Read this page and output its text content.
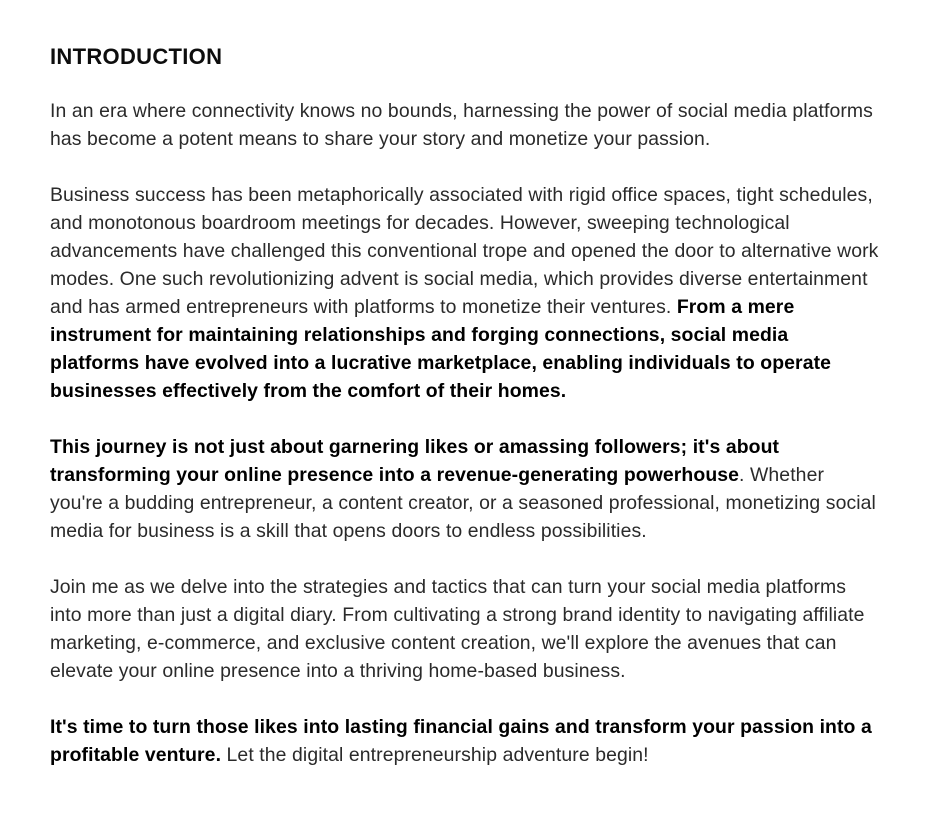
INTRODUCTION

In an era where connectivity knows no bounds, harnessing the power of social media platforms has become a potent means to share your story and monetize your passion.

Business success has been metaphorically associated with rigid office spaces, tight schedules, and monotonous boardroom meetings for decades. However, sweeping technological advancements have challenged this conventional trope and opened the door to alternative work modes. One such revolutionizing advent is social media, which provides diverse entertainment and has armed entrepreneurs with platforms to monetize their ventures. From a mere instrument for maintaining relationships and forging connections, social media platforms have evolved into a lucrative marketplace, enabling individuals to operate businesses effectively from the comfort of their homes.

This journey is not just about garnering likes or amassing followers; it's about transforming your online presence into a revenue-generating powerhouse. Whether you're a budding entrepreneur, a content creator, or a seasoned professional, monetizing social media for business is a skill that opens doors to endless possibilities.

Join me as we delve into the strategies and tactics that can turn your social media platforms into more than just a digital diary. From cultivating a strong brand identity to navigating affiliate marketing, e-commerce, and exclusive content creation, we'll explore the avenues that can elevate your online presence into a thriving home-based business.

It's time to turn those likes into lasting financial gains and transform your passion into a profitable venture. Let the digital entrepreneurship adventure begin!
